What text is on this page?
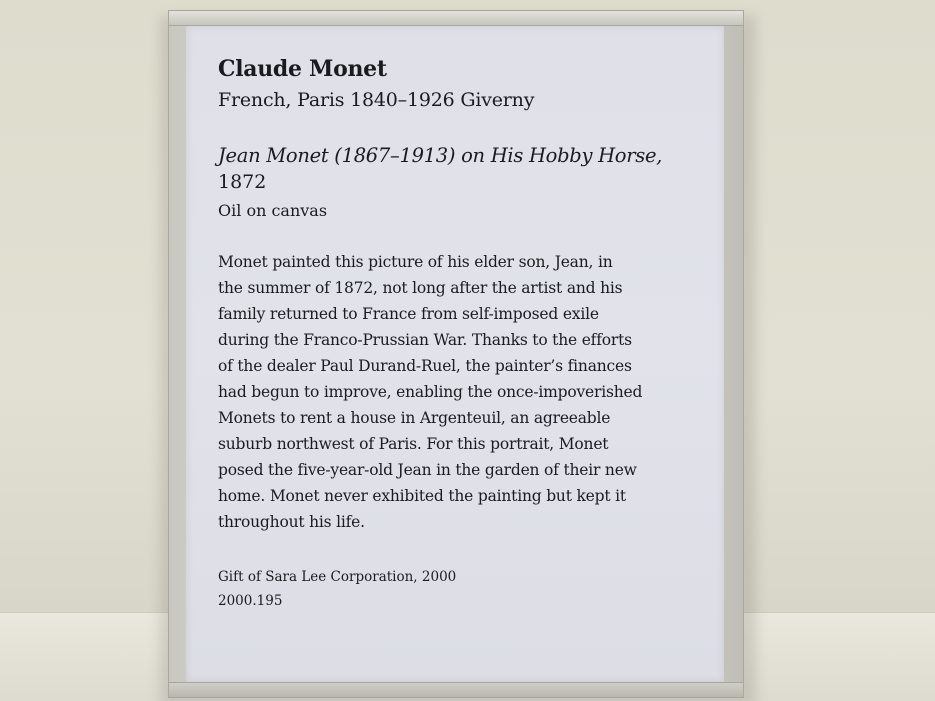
Claude Monet
French, Paris 1840–1926 Giverny
Jean Monet (1867–1913) on His Hobby Horse,
1872
Oil on canvas
Monet painted this picture of his elder son, Jean, in
the summer of 1872, not long after the artist and his
family returned to France from self-imposed exile
during the Franco-Prussian War. Thanks to the efforts
of the dealer Paul Durand-Ruel, the painter’s finances
had begun to improve, enabling the once-impoverished
Monets to rent a house in Argenteuil, an agreeable
suburb northwest of Paris. For this portrait, Monet
posed the five-year-old Jean in the garden of their new
home. Monet never exhibited the painting but kept it
throughout his life.
Gift of Sara Lee Corporation, 2000
2000.195
